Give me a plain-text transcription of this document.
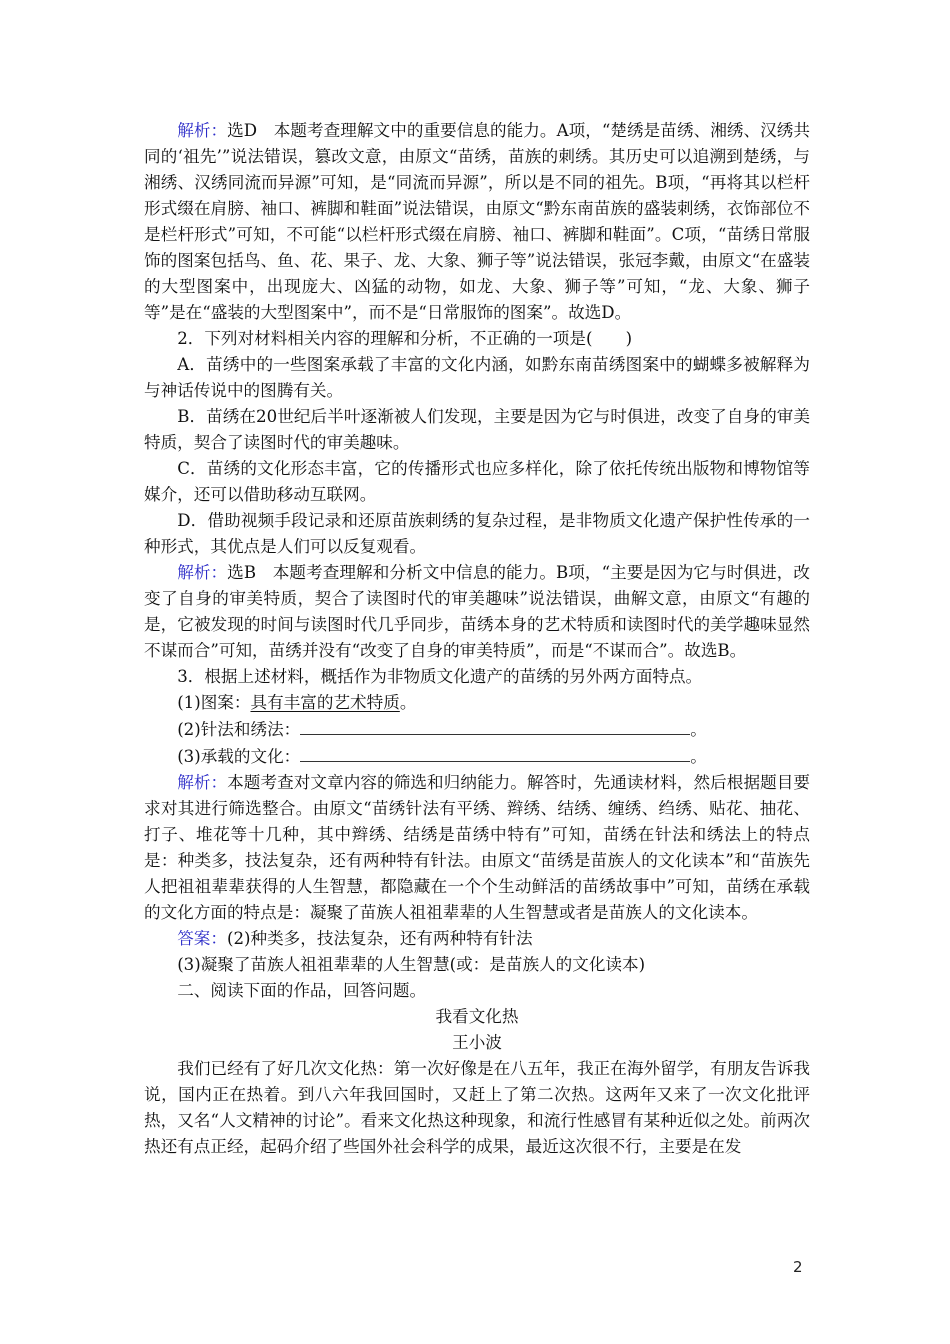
解析：选D　本题考查理解文中的重要信息的能力。A项，“楚绣是苗绣、湘绣、汉绣共同的‘祖先’”说法错误，篡改文意，由原文“苗绣，苗族的刺绣。其历史可以追溯到楚绣，与湘绣、汉绣同流而异源”可知，是“同流而异源”，所以是不同的祖先。B项，“再将其以栏杆形式缀在肩膀、袖口、裤脚和鞋面”说法错误，由原文“黔东南苗族的盛装刺绣，衣饰部位不是栏杆形式”可知，不可能“以栏杆形式缀在肩膀、袖口、裤脚和鞋面”。C项，“苗绣日常服饰的图案包括鸟、鱼、花、果子、龙、大象、狮子等”说法错误，张冠李戴，由原文“在盛装的大型图案中，出现庞大、凶猛的动物，如龙、大象、狮子等”可知，“龙、大象、狮子等”是在“盛装的大型图案中”，而不是“日常服饰的图案”。故选D。

2．下列对材料相关内容的理解和分析，不正确的一项是(　　)

A．苗绣中的一些图案承载了丰富的文化内涵，如黔东南苗绣图案中的蝴蝶多被解释为与神话传说中的图腾有关。

B．苗绣在20世纪后半叶逐渐被人们发现，主要是因为它与时俱进，改变了自身的审美特质，契合了读图时代的审美趣味。

C．苗绣的文化形态丰富，它的传播形式也应多样化，除了依托传统出版物和博物馆等媒介，还可以借助移动互联网。

D．借助视频手段记录和还原苗族刺绣的复杂过程，是非物质文化遗产保护性传承的一种形式，其优点是人们可以反复观看。

解析：选B　本题考查理解和分析文中信息的能力。B项，“主要是因为它与时俱进，改变了自身的审美特质，契合了读图时代的审美趣味”说法错误，曲解文意，由原文“有趣的是，它被发现的时间与读图时代几乎同步，苗绣本身的艺术特质和读图时代的美学趣味显然不谋而合”可知，苗绣并没有“改变了自身的审美特质”，而是“不谋而合”。故选B。

3．根据上述材料，概括作为非物质文化遗产的苗绣的另外两方面特点。

(1)图案：具有丰富的艺术特质。

(2)针法和绣法：	。

(3)承载的文化：	。

解析：本题考查对文章内容的筛选和归纳能力。解答时，先通读材料，然后根据题目要求对其进行筛选整合。由原文“苗绣针法有平绣、辫绣、结绣、缠绣、绉绣、贴花、抽花、打子、堆花等十几种，其中辫绣、结绣是苗绣中特有”可知，苗绣在针法和绣法上的特点是：种类多，技法复杂，还有两种特有针法。由原文“苗绣是苗族人的文化读本”和“苗族先人把祖祖辈辈获得的人生智慧，都隐藏在一个个生动鲜活的苗绣故事中”可知，苗绣在承载的文化方面的特点是：凝聚了苗族人祖祖辈辈的人生智慧或者是苗族人的文化读本。

答案：(2)种类多，技法复杂，还有两种特有针法

(3)凝聚了苗族人祖祖辈辈的人生智慧(或：是苗族人的文化读本)

二、阅读下面的作品，回答问题。

我看文化热

王小波

我们已经有了好几次文化热：第一次好像是在八五年，我正在海外留学，有朋友告诉我说，国内正在热着。到八六年我回国时，又赶上了第二次热。这两年又来了一次文化批评热，又名“人文精神的讨论”。看来文化热这种现象，和流行性感冒有某种近似之处。前两次热还有点正经，起码介绍了些国外社会科学的成果，最近这次很不行，主要是在发

2
